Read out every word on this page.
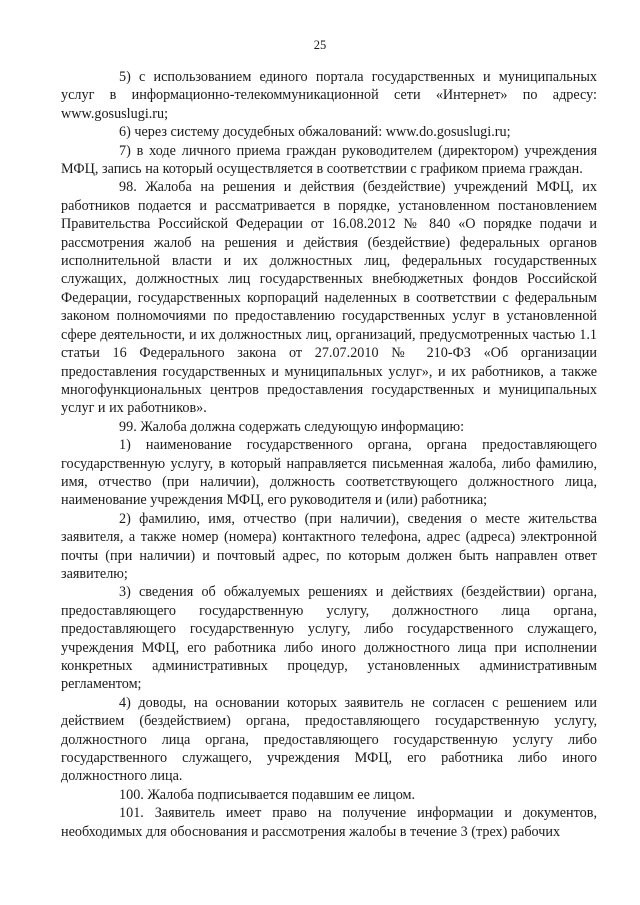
25

5) с использованием единого портала государственных и муниципальных услуг в информационно-телекоммуникационной сети «Интернет» по адресу: www.gosuslugi.ru;

6) через систему досудебных обжалований: www.do.gosuslugi.ru;

7) в ходе личного приема граждан руководителем (директором) учреждения МФЦ, запись на который осуществляется в соответствии с графиком приема граждан.

98. Жалоба на решения и действия (бездействие) учреждений МФЦ, их работников подается и рассматривается в порядке, установленном постановлением Правительства Российской Федерации от 16.08.2012 № 840 «О порядке подачи и рассмотрения жалоб на решения и действия (бездействие) федеральных органов исполнительной власти и их должностных лиц, федеральных государственных служащих, должностных лиц государственных внебюджетных фондов Российской Федерации, государственных корпораций наделенных в соответствии с федеральным законом полномочиями по предоставлению государственных услуг в установленной сфере деятельности, и их должностных лиц, организаций, предусмотренных частью 1.1 статьи 16 Федерального закона от 27.07.2010 № 210-ФЗ «Об организации предоставления государственных и муниципальных услуг», и их работников, а также многофункциональных центров предоставления государственных и муниципальных услуг и их работников».

99. Жалоба должна содержать следующую информацию:

1) наименование государственного органа, органа предоставляющего государственную услугу, в который направляется письменная жалоба, либо фамилию, имя, отчество (при наличии), должность соответствующего должностного лица, наименование учреждения МФЦ, его руководителя и (или) работника;

2) фамилию, имя, отчество (при наличии), сведения о месте жительства заявителя, а также номер (номера) контактного телефона, адрес (адреса) электронной почты (при наличии) и почтовый адрес, по которым должен быть направлен ответ заявителю;

3) сведения об обжалуемых решениях и действиях (бездействии) органа, предоставляющего государственную услугу, должностного лица органа, предоставляющего государственную услугу, либо государственного служащего, учреждения МФЦ, его работника либо иного должностного лица при исполнении конкретных административных процедур, установленных административным регламентом;

4) доводы, на основании которых заявитель не согласен с решением или действием (бездействием) органа, предоставляющего государственную услугу, должностного лица органа, предоставляющего государственную услугу либо государственного служащего, учреждения МФЦ, его работника либо иного должностного лица.

100. Жалоба подписывается подавшим ее лицом.

101. Заявитель имеет право на получение информации и документов, необходимых для обоснования и рассмотрения жалобы в течение 3 (трех) рабочих
